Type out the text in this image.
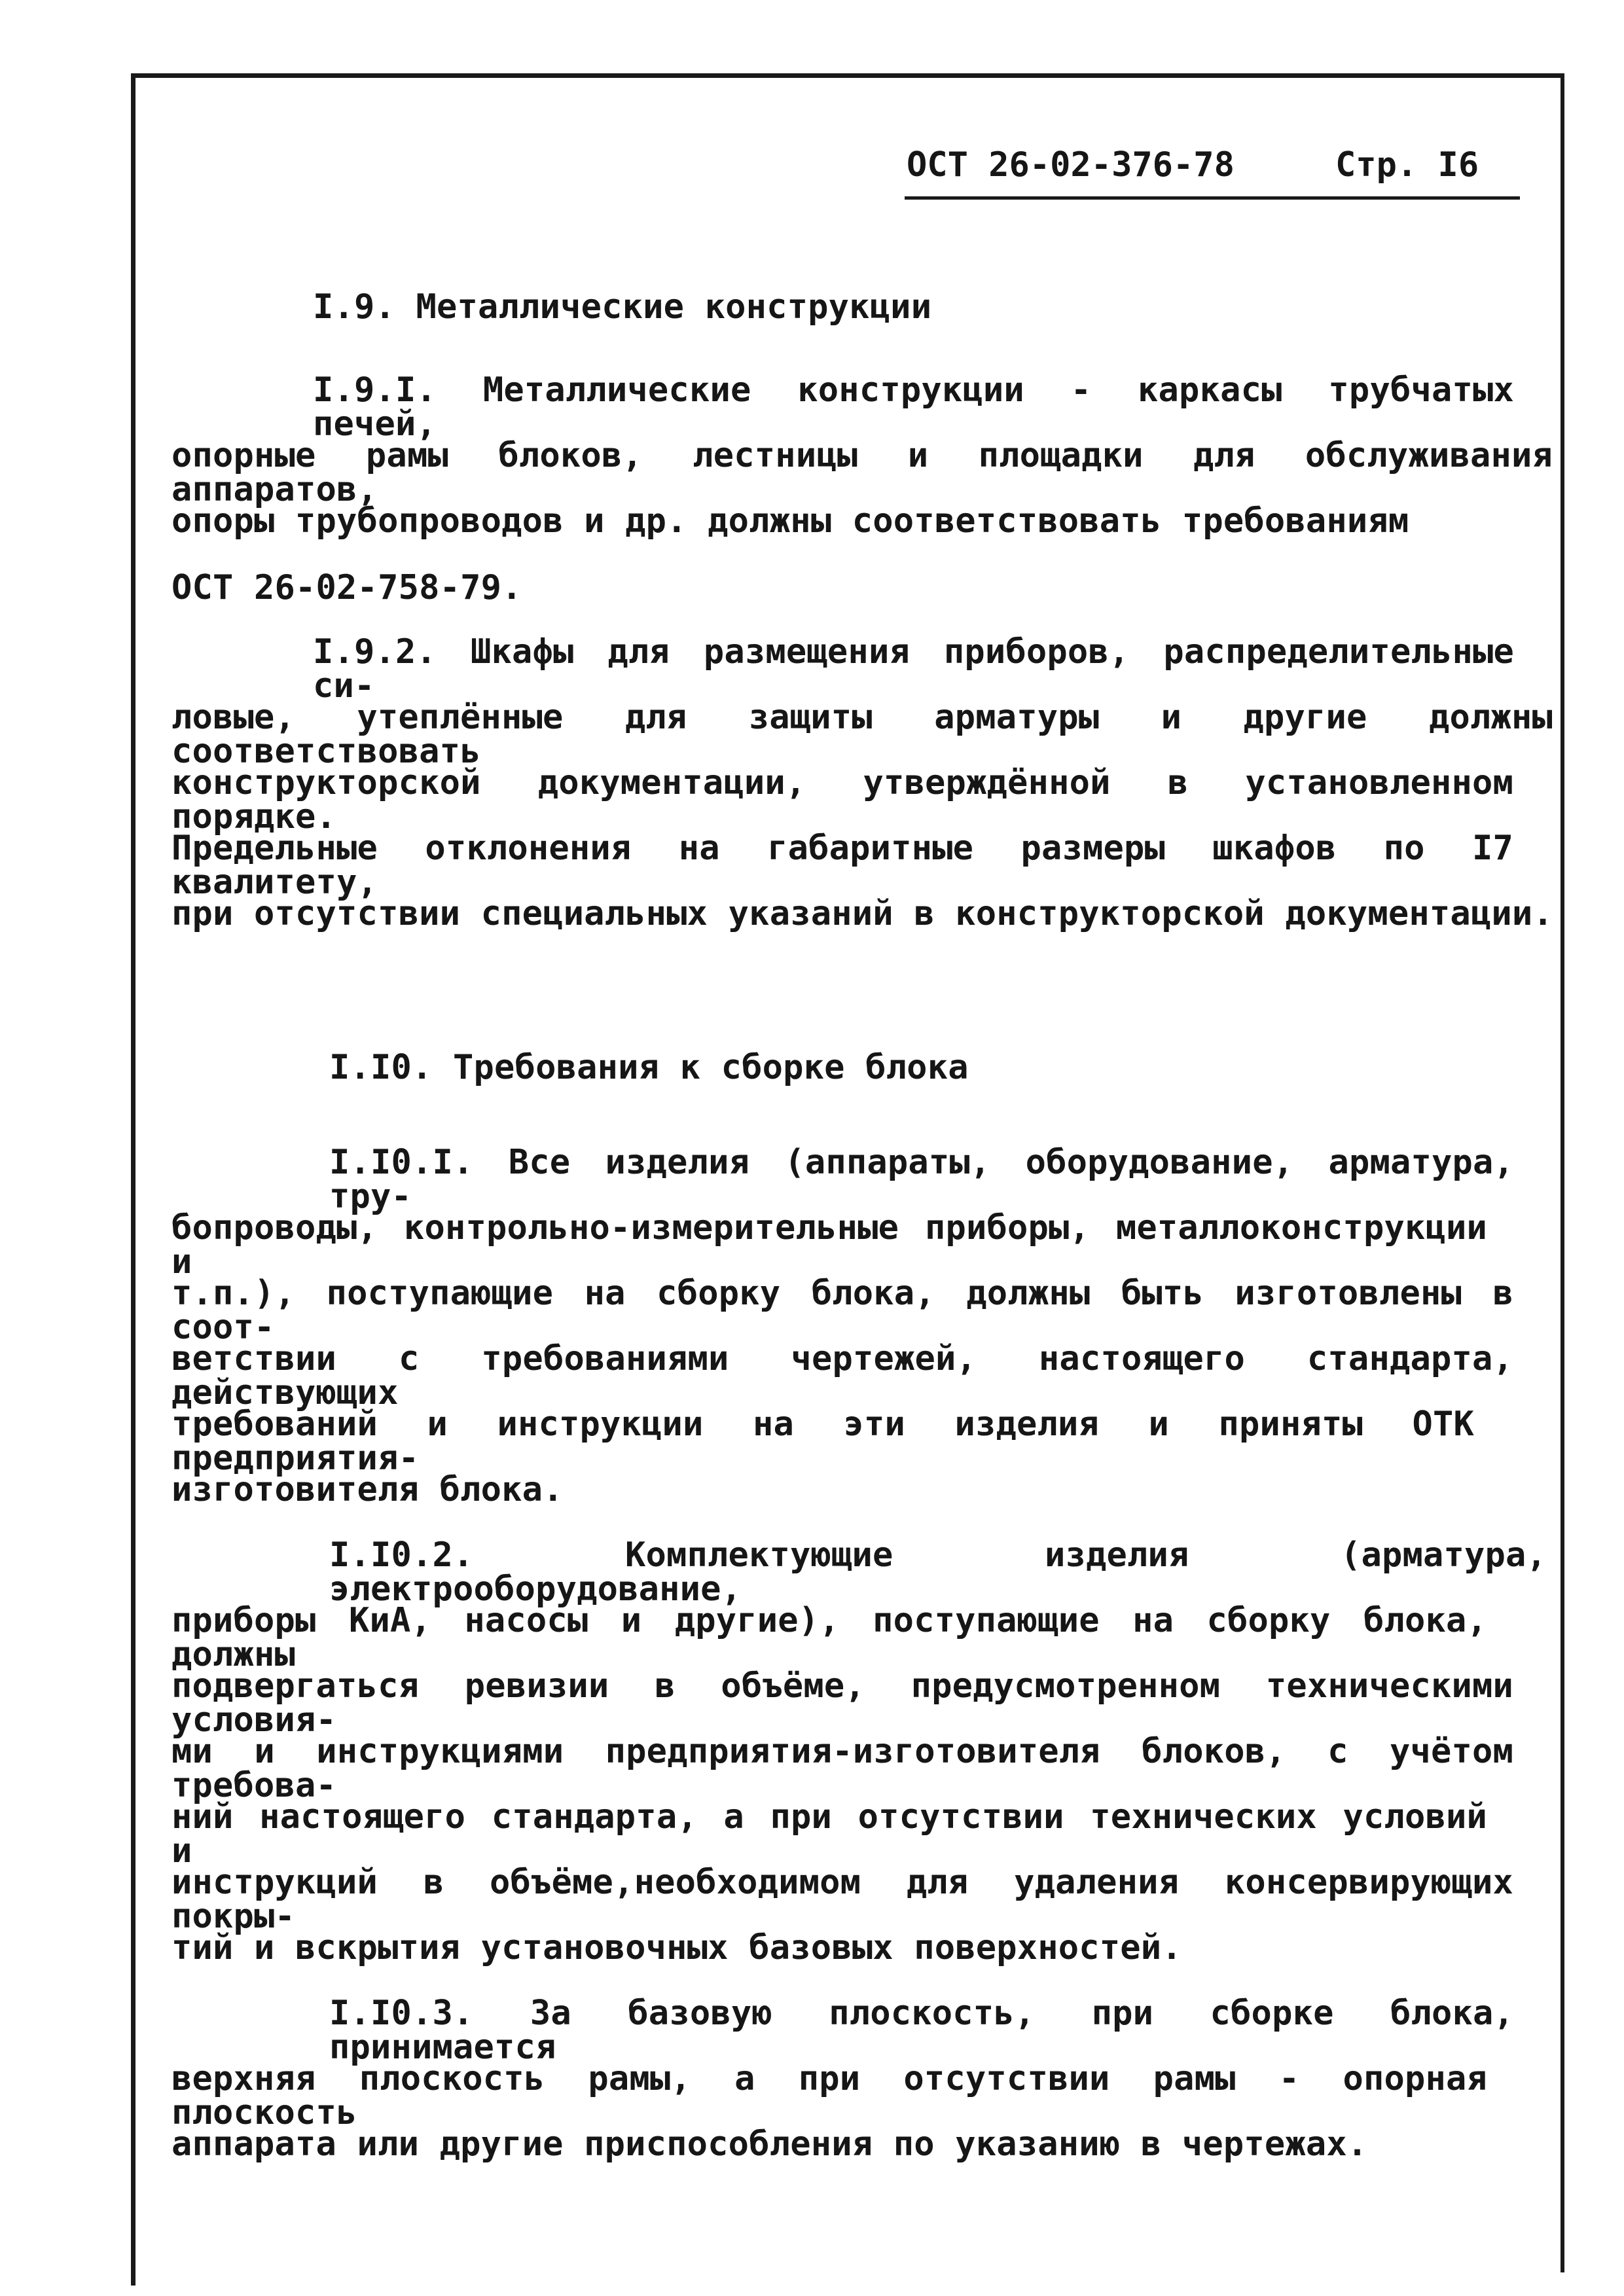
ОСТ 26-02-376-78	Стр. I6
I.9. Металлические конструкции
I.9.I. Металлические конструкции - каркасы трубчатых печей,
опорные рамы блоков, лестницы и площадки для обслуживания аппаратов,
опоры трубопроводов и др. должны соответствовать требованиям
ОСТ 26-02-758-79.
I.9.2. Шкафы для размещения приборов, распределительные си-
ловые, утеплённые для защиты арматуры и другие должны соответствовать
конструкторской документации, утверждённой в установленном порядке.
Предельные отклонения на габаритные размеры шкафов по I7 квалитету,
при отсутствии специальных указаний в конструкторской документации.
I.I0. Требования к сборке блока
I.I0.I. Все изделия (аппараты, оборудование, арматура, тру-
бопроводы, контрольно-измерительные приборы, металлоконструкции и
т.п.), поступающие на сборку блока, должны быть изготовлены в соот-
ветствии с требованиями чертежей, настоящего стандарта, действующих
требований и инструкции на эти изделия и приняты ОТК предприятия-
изготовителя блока.
I.I0.2. Комплектующие изделия (арматура, электрооборудование,
приборы КиА, насосы и другие), поступающие на сборку блока, должны
подвергаться ревизии в объёме, предусмотренном техническими условия-
ми и инструкциями предприятия-изготовителя блоков, с учётом требова-
ний настоящего стандарта, а при отсутствии технических условий и
инструкций в объёме,необходимом для удаления консервирующих покры-
тий и вскрытия установочных базовых поверхностей.
I.I0.3. За базовую плоскость, при сборке блока, принимается
верхняя плоскость рамы, а при отсутствии рамы - опорная плоскость
аппарата или другие приспособления по указанию в чертежах.
